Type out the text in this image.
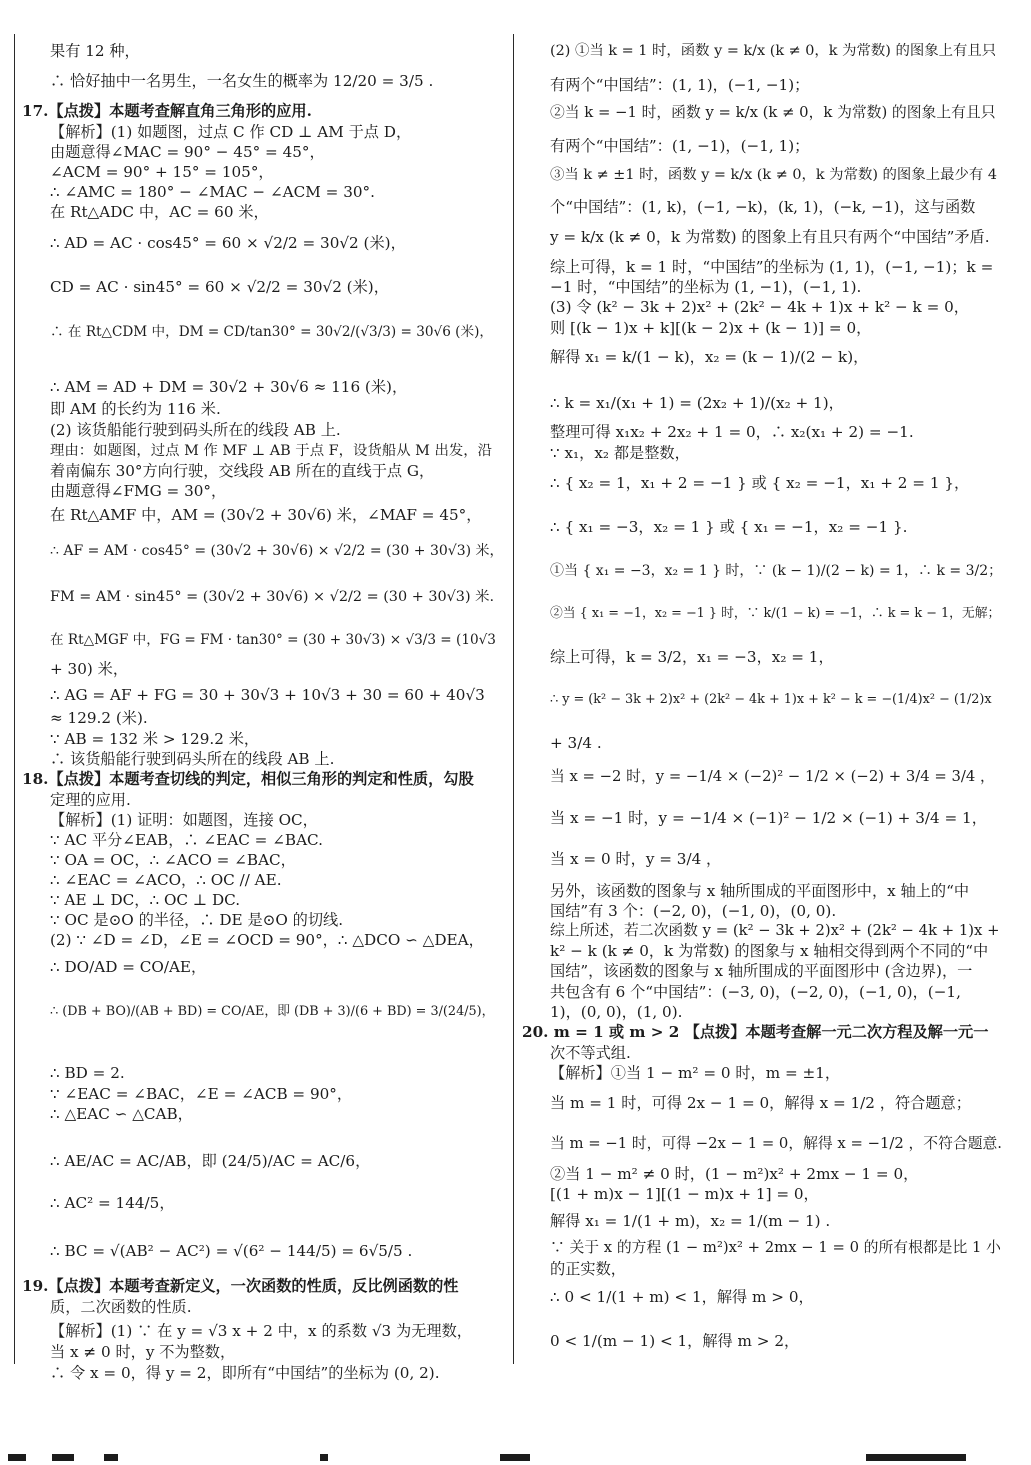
果有 12 种，
∴ 恰好抽中一名男生，一名女生的概率为 12/20 = 3/5 .
17.【点拨】本题考查解直角三角形的应用.
【解析】(1) 如题图，过点 C 作 CD ⊥ AM 于点 D，
由题意得∠MAC = 90° − 45° = 45°，
∠ACM = 90° + 15° = 105°，
∴ ∠AMC = 180° − ∠MAC − ∠ACM = 30°.
在 Rt△ADC 中，AC = 60 米，
∴ AD = AC · cos45° = 60 × √2/2 = 30√2 (米)，
CD = AC · sin45° = 60 × √2/2 = 30√2 (米)，
∴ 在 Rt△CDM 中，DM = CD/tan30° = 30√2/(√3/3) = 30√6 (米)，
∴ AM = AD + DM = 30√2 + 30√6 ≈ 116 (米)，
即 AM 的长约为 116 米.
(2) 该货船能行驶到码头所在的线段 AB 上.
理由：如题图，过点 M 作 MF ⊥ AB 于点 F，设货船从 M 出发，沿
着南偏东 30°方向行驶，交线段 AB 所在的直线于点 G，
由题意得∠FMG = 30°，
在 Rt△AMF 中，AM = (30√2 + 30√6) 米，∠MAF = 45°，
∴ AF = AM · cos45° = (30√2 + 30√6) × √2/2 = (30 + 30√3) 米，
FM = AM · sin45° = (30√2 + 30√6) × √2/2 = (30 + 30√3) 米.
在 Rt△MGF 中，FG = FM · tan30° = (30 + 30√3) × √3/3 = (10√3
+ 30) 米，
∴ AG = AF + FG = 30 + 30√3 + 10√3 + 30 = 60 + 40√3
≈ 129.2 (米).
∵ AB = 132 米 > 129.2 米，
∴ 该货船能行驶到码头所在的线段 AB 上.
18.【点拨】本题考查切线的判定，相似三角形的判定和性质，勾股
定理的应用.
【解析】(1) 证明：如题图，连接 OC，
∵ AC 平分∠EAB，∴ ∠EAC = ∠BAC.
∵ OA = OC，∴ ∠ACO = ∠BAC，
∴ ∠EAC = ∠ACO，∴ OC // AE.
∵ AE ⊥ DC，∴ OC ⊥ DC.
∵ OC 是⊙O 的半径，∴ DE 是⊙O 的切线.
(2) ∵ ∠D = ∠D，∠E = ∠OCD = 90°，∴ △DCO ∽ △DEA，
∴ DO/AD = CO/AE，
∴ (DB + BO)/(AB + BD) = CO/AE，即 (DB + 3)/(6 + BD) = 3/(24/5)，
∴ BD = 2.
∵ ∠EAC = ∠BAC，∠E = ∠ACB = 90°，
∴ △EAC ∽ △CAB，
∴ AE/AC = AC/AB，即 (24/5)/AC = AC/6，
∴ AC² = 144/5，
∴ BC = √(AB² − AC²) = √(6² − 144/5) = 6√5/5 .
19.【点拨】本题考查新定义，一次函数的性质，反比例函数的性
质，二次函数的性质.
【解析】(1) ∵ 在 y = √3 x + 2 中，x 的系数 √3 为无理数，
当 x ≠ 0 时，y 不为整数，
∴ 令 x = 0，得 y = 2，即所有“中国结”的坐标为 (0, 2).
(2) ①当 k = 1 时，函数 y = k/x (k ≠ 0，k 为常数) 的图象上有且只
有两个“中国结”：(1, 1)，(−1, −1)；
②当 k = −1 时，函数 y = k/x (k ≠ 0，k 为常数) 的图象上有且只
有两个“中国结”：(1, −1)，(−1, 1)；
③当 k ≠ ±1 时，函数 y = k/x (k ≠ 0，k 为常数) 的图象上最少有 4
个“中国结”：(1, k)，(−1, −k)，(k, 1)，(−k, −1)，这与函数
y = k/x (k ≠ 0，k 为常数) 的图象上有且只有两个“中国结”矛盾.
综上可得，k = 1 时，“中国结”的坐标为 (1, 1)，(−1, −1)；k =
−1 时，“中国结”的坐标为 (1, −1)，(−1, 1).
(3) 令 (k² − 3k + 2)x² + (2k² − 4k + 1)x + k² − k = 0，
则 [(k − 1)x + k][(k − 2)x + (k − 1)] = 0，
解得 x₁ = k/(1 − k)，x₂ = (k − 1)/(2 − k)，
∴ k = x₁/(x₁ + 1) = (2x₂ + 1)/(x₂ + 1)，
整理可得 x₁x₂ + 2x₂ + 1 = 0，∴ x₂(x₁ + 2) = −1.
∵ x₁，x₂ 都是整数，
∴ { x₂ = 1，x₁ + 2 = −1 } 或 { x₂ = −1，x₁ + 2 = 1 }，
∴ { x₁ = −3，x₂ = 1 } 或 { x₁ = −1，x₂ = −1 }.
①当 { x₁ = −3，x₂ = 1 } 时，∵ (k − 1)/(2 − k) = 1，∴ k = 3/2；
②当 { x₁ = −1，x₂ = −1 } 时，∵ k/(1 − k) = −1，∴ k = k − 1，无解；
综上可得，k = 3/2，x₁ = −3，x₂ = 1，
∴ y = (k² − 3k + 2)x² + (2k² − 4k + 1)x + k² − k = −(1/4)x² − (1/2)x
+ 3/4 .
当 x = −2 时，y = −1/4 × (−2)² − 1/2 × (−2) + 3/4 = 3/4 ，
当 x = −1 时，y = −1/4 × (−1)² − 1/2 × (−1) + 3/4 = 1，
当 x = 0 时，y = 3/4 ，
另外，该函数的图象与 x 轴所围成的平面图形中，x 轴上的“中
国结”有 3 个：(−2, 0)，(−1, 0)，(0, 0).
综上所述，若二次函数 y = (k² − 3k + 2)x² + (2k² − 4k + 1)x +
k² − k (k ≠ 0，k 为常数) 的图象与 x 轴相交得到两个不同的“中
国结”，该函数的图象与 x 轴所围成的平面图形中 (含边界)，一
共包含有 6 个“中国结”：(−3, 0)，(−2, 0)，(−1, 0)，(−1,
1)，(0, 0)，(1, 0).
20. m = 1 或 m > 2 【点拨】本题考查解一元二次方程及解一元一
次不等式组.
【解析】①当 1 − m² = 0 时，m = ±1，
当 m = 1 时，可得 2x − 1 = 0，解得 x = 1/2 ，符合题意；
当 m = −1 时，可得 −2x − 1 = 0，解得 x = −1/2 ，不符合题意.
②当 1 − m² ≠ 0 时，(1 − m²)x² + 2mx − 1 = 0，
[(1 + m)x − 1][(1 − m)x + 1] = 0，
解得 x₁ = 1/(1 + m)，x₂ = 1/(m − 1) .
∵ 关于 x 的方程 (1 − m²)x² + 2mx − 1 = 0 的所有根都是比 1 小
的正实数，
∴ 0 < 1/(1 + m) < 1，解得 m > 0，
0 < 1/(m − 1) < 1，解得 m > 2，
